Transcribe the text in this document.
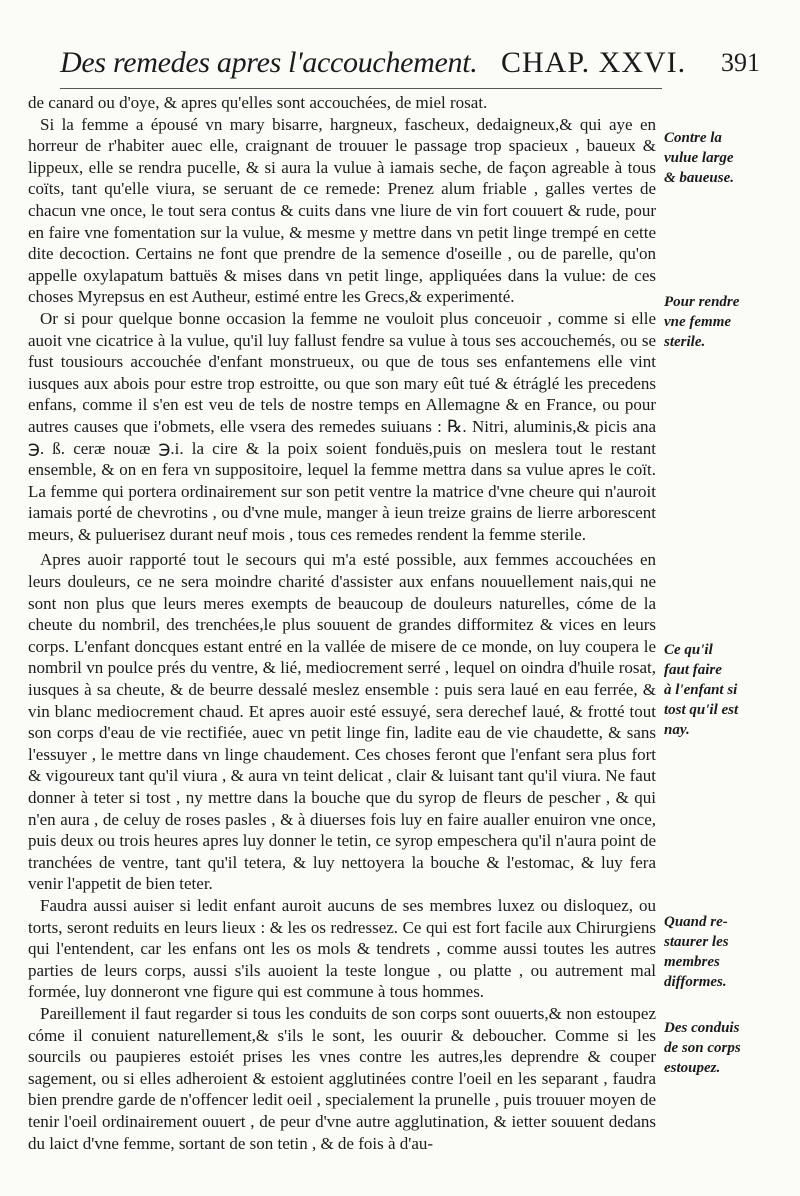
Des remedes apres l'accouchement. CHAP. XXVI. 391

de canard ou d'oye, & apres qu'elles sont accouchées, de miel rosat.

Si la femme a épousé vn mary bisarre, hargneux, fascheux, dedaigneux,& qui aye en horreur de r'habiter auec elle, craignant de trouuer le passage trop spacieux , baueux & lippeux, elle se rendra pucelle, & si aura la vulue à iamais seche, de façon agreable à tous coïts, tant qu'elle viura, se seruant de ce remede: Prenez alum friable , galles vertes de chacun vne once, le tout sera contus & cuits dans vne liure de vin fort couuert & rude, pour en faire vne fomentation sur la vulue, & mesme y mettre dans vn petit linge trempé en cette dite decoction. Certains ne font que prendre de la semence d'oseille , ou de parelle, qu'on appelle oxylapatum battuës & mises dans vn petit linge, appliquées dans la vulue: de ces choses Myrepsus en est Autheur, estimé entre les Grecs,& experimenté.

Or si pour quelque bonne occasion la femme ne vouloit plus conceuoir , comme si elle auoit vne cicatrice à la vulue, qu'il luy fallust fendre sa vulue à tous ses accouchemés, ou se fust tousiours accouchée d'enfant monstrueux, ou que de tous ses enfantemens elle vint iusques aux abois pour estre trop estroitte, ou que son mary eût tué & étráglé les precedens enfans, comme il s'en est veu de tels de nostre temps en Allemagne & en France, ou pour autres causes que i'obmets, elle vsera des remedes suiuans : ℞. Nitri, aluminis,& picis ana ℈. ß. ceræ nouæ ℈.i. la cire & la poix soient fonduës,puis on meslera tout le restant ensemble, & on en fera vn suppositoire, lequel la femme mettra dans sa vulue apres le coït. La femme qui portera ordinairement sur son petit ventre la matrice d'vne cheure qui n'auroit iamais porté de chevrotins , ou d'vne mule, manger à ieun treize grains de lierre arborescent meurs, & puluerisez durant neuf mois , tous ces remedes rendent la femme sterile.

Apres auoir rapporté tout le secours qui m'a esté possible, aux femmes accouchées en leurs douleurs, ce ne sera moindre charité d'assister aux enfans nouuellement nais,qui ne sont non plus que leurs meres exempts de beaucoup de douleurs naturelles, cóme de la cheute du nombril, des trenchées,le plus souuent de grandes difformitez & vices en leurs corps. L'enfant doncques estant entré en la vallée de misere de ce monde, on luy coupera le nombril vn poulce prés du ventre, & lié, mediocrement serré , lequel on oindra d'huile rosat, iusques à sa cheute, & de beurre dessalé meslez ensemble : puis sera laué en eau ferrée, & vin blanc mediocrement chaud. Et apres auoir esté essuyé, sera derechef laué, & frotté tout son corps d'eau de vie rectifiée, auec vn petit linge fin, ladite eau de vie chaudette, & sans l'essuyer , le mettre dans vn linge chaudement. Ces choses feront que l'enfant sera plus fort & vigoureux tant qu'il viura , & aura vn teint delicat , clair & luisant tant qu'il viura. Ne faut donner à teter si tost , ny mettre dans la bouche que du syrop de fleurs de pescher , & qui n'en aura , de celuy de roses pasles , & à diuerses fois luy en faire aualler enuiron vne once, puis deux ou trois heures apres luy donner le tetin, ce syrop empeschera qu'il n'aura point de tranchées de ventre, tant qu'il tetera, & luy nettoyera la bouche & l'estomac, & luy fera venir l'appetit de bien teter.

Faudra aussi auiser si ledit enfant auroit aucuns de ses membres luxez ou disloquez, ou torts, seront reduits en leurs lieux : & les os redressez. Ce qui est fort facile aux Chirurgiens qui l'entendent, car les enfans ont les os mols & tendrets , comme aussi toutes les autres parties de leurs corps, aussi s'ils auoient la teste longue , ou platte , ou autrement mal formée, luy donneront vne figure qui est commune à tous hommes.

Pareillement il faut regarder si tous les conduits de son corps sont ouuerts,& non estoupez cóme il conuient naturellement,& s'ils le sont, les ouurir & deboucher. Comme si les sourcils ou paupieres estoiét prises les vnes contre les autres,les deprendre & couper sagement, ou si elles adheroient & estoient agglutinées contre l'oeil en les separant , faudra bien prendre garde de n'offencer ledit oeil , specialement la prunelle , puis trouuer moyen de tenir l'oeil ordinairement ouuert , de peur d'vne autre agglutination, & ietter souuent dedans du laict d'vne femme, sortant de son tetin , & de fois à d'au-

Contre la
vulue large
& baueuse.
Pour rendre
vne femme
sterile.
Ce qu'il
faut faire
à l'enfant si
tost qu'il est
nay.
Quand re-
staurer les
membres
difformes.
Des conduis
de son corps
estoupez.
